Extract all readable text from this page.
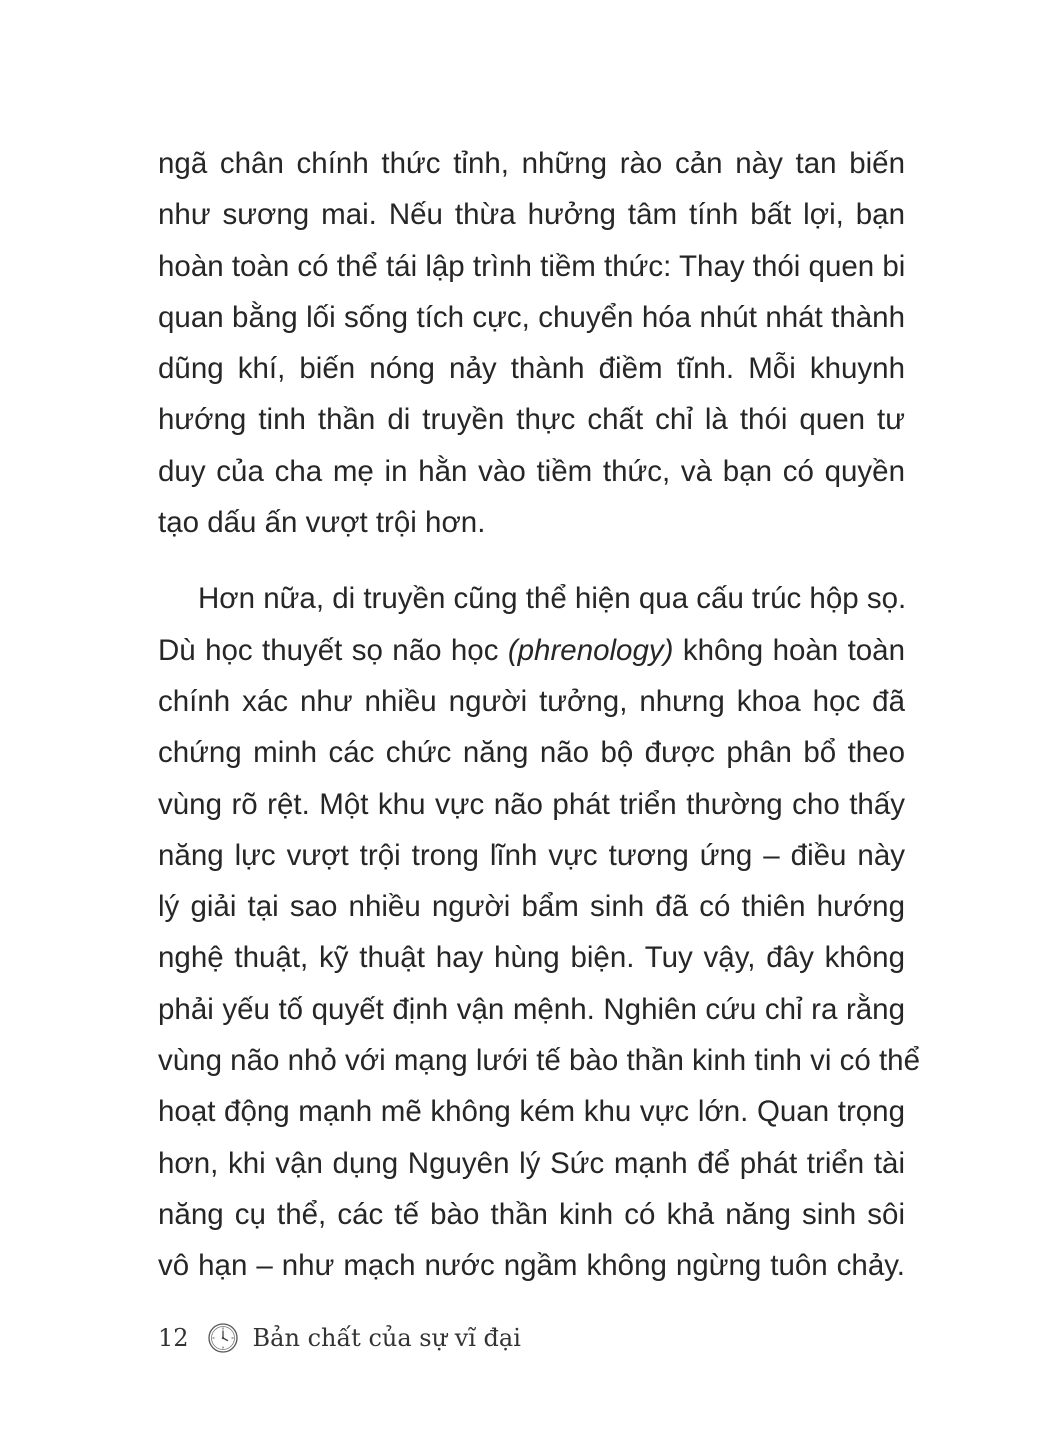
ngã chân chính thức tỉnh, những rào cản này tan biến
như sương mai. Nếu thừa hưởng tâm tính bất lợi, bạn
hoàn toàn có thể tái lập trình tiềm thức: Thay thói quen bi
quan bằng lối sống tích cực, chuyển hóa nhút nhát thành
dũng khí, biến nóng nảy thành điềm tĩnh. Mỗi khuynh
hướng tinh thần di truyền thực chất chỉ là thói quen tư
duy của cha mẹ in hằn vào tiềm thức, và bạn có quyền
tạo dấu ấn vượt trội hơn.

Hơn nữa, di truyền cũng thể hiện qua cấu trúc hộp sọ.
Dù học thuyết sọ não học (phrenology) không hoàn toàn
chính xác như nhiều người tưởng, nhưng khoa học đã
chứng minh các chức năng não bộ được phân bổ theo
vùng rõ rệt. Một khu vực não phát triển thường cho thấy
năng lực vượt trội trong lĩnh vực tương ứng – điều này
lý giải tại sao nhiều người bẩm sinh đã có thiên hướng
nghệ thuật, kỹ thuật hay hùng biện. Tuy vậy, đây không
phải yếu tố quyết định vận mệnh. Nghiên cứu chỉ ra rằng
vùng não nhỏ với mạng lưới tế bào thần kinh tinh vi có thể
hoạt động mạnh mẽ không kém khu vực lớn. Quan trọng
hơn, khi vận dụng Nguyên lý Sức mạnh để phát triển tài
năng cụ thể, các tế bào thần kinh có khả năng sinh sôi
vô hạn – như mạch nước ngầm không ngừng tuôn chảy.

12	Bản chất của sự vĩ đại
